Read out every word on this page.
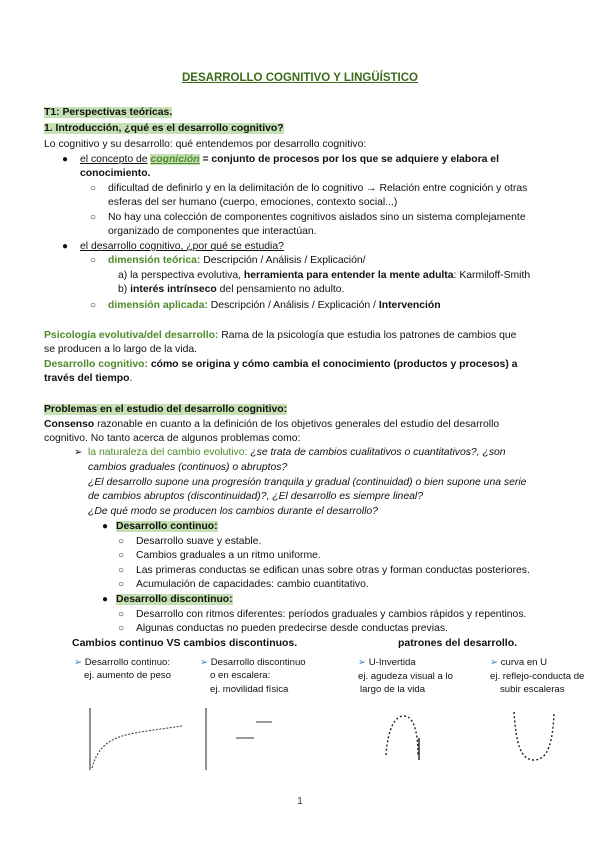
DESARROLLO COGNITIVO Y LINGÜÍSTICO
T1: Perspectivas teóricas.
1. Introducción, ¿qué es el desarrollo cognitivo?
Lo cognitivo y su desarrollo: qué entendemos por desarrollo cognitivo:
● el concepto de cognición = conjunto de procesos por los que se adquiere y elabora el
conocimiento.
○ dificultad de definirlo y en la delimitación de lo cognitivo → Relación entre cognición y otras
esferas del ser humano (cuerpo, emociones, contexto social...)
○ No hay una colección de componentes cognitivos aislados sino un sistema complejamente
organizado de componentes que interactúan.
● el desarrollo cognitivo, ¿por qué se estudia?
○ dimensión teórica: Descripción / Análisis / Explicación/
a) la perspectiva evolutiva, herramienta para entender la mente adulta: Karmiloff-Smith
b) interés intrínseco del pensamiento no adulto.
○ dimensión aplicada: Descripción / Análisis / Explicación / Intervención
Psicología evolutiva/del desarrollo: Rama de la psicología que estudia los patrones de cambios que
se producen a lo largo de la vida.
Desarrollo cognitivo: cómo se origina y cómo cambia el conocimiento (productos y procesos) a
través del tiempo.
Problemas en el estudio del desarrollo cognitivo:
Consenso razonable en cuanto a la definición de los objetivos generales del estudio del desarrollo
cognitivo. No tanto acerca de algunos problemas como:
➢ la naturaleza del cambio evolutivo: ¿se trata de cambios cualitativos o cuantitativos?, ¿son
cambios graduales (continuos) o abruptos?
¿El desarrollo supone una progresión tranquila y gradual (continuidad) o bien supone una serie
de cambios abruptos (discontinuidad)?, ¿El desarrollo es siempre lineal?
¿De qué modo se producen los cambios durante el desarrollo?
● Desarrollo continuo:
○ Desarrollo suave y estable.
○ Cambios graduales a un ritmo uniforme.
○ Las primeras conductas se edifican unas sobre otras y forman conductas posteriores.
○ Acumulación de capacidades: cambio cuantitativo.
● Desarrollo discontinuo:
○ Desarrollo con ritmos diferentes: períodos graduales y cambios rápidos y repentinos.
○ Algunas conductas no pueden predecirse desde conductas previas.
Cambios continuo VS cambios discontinuos.	patrones del desarrollo.
➢ Desarrollo continuo:
ej. aumento de peso
➢ Desarrollo discontinuo
o en escalera:
ej. movilidad física
➢ U-Invertida
ej. agudeza visual a lo
largo de la vida
➢ curva en U
ej. reflejo-conducta de
subir escaleras
1
